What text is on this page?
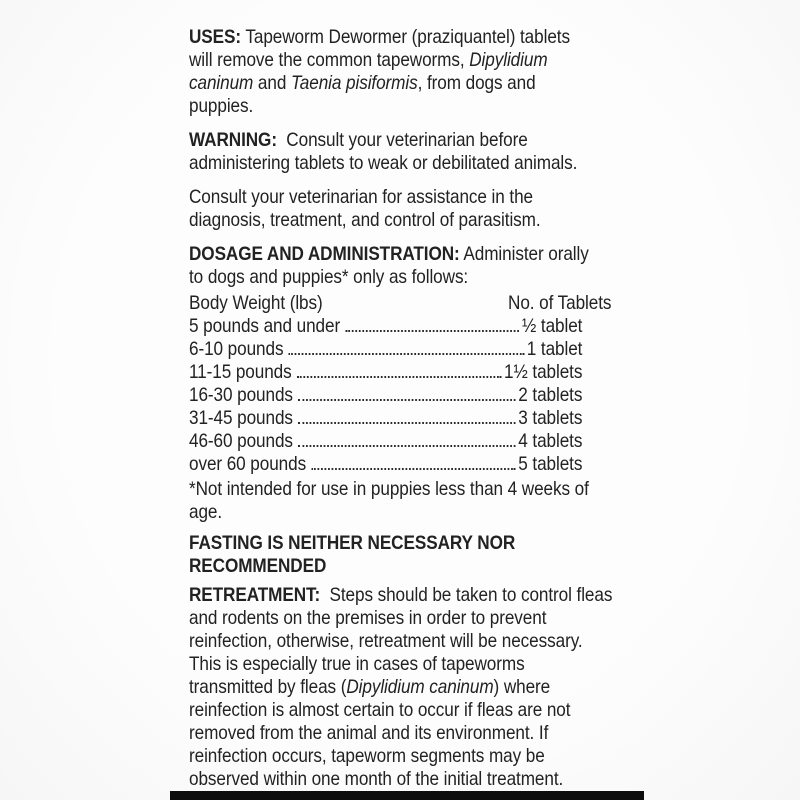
USES: Tapeworm Dewormer (praziquantel) tablets
will remove the common tapeworms, Dipylidium
caninum and Taenia pisiformis, from dogs and
puppies.
WARNING:  Consult your veterinarian before
administering tablets to weak or debilitated animals.
Consult your veterinarian for assistance in the
diagnosis, treatment, and control of parasitism.
DOSAGE AND ADMINISTRATION: Administer orally
to dogs and puppies* only as follows:
Body Weight (lbs)	No. of Tablets
5 pounds and under	½ tablet
6-10 pounds	1 tablet
11-15 pounds	1½ tablets
16-30 pounds	2 tablets
31-45 pounds	3 tablets
46-60 pounds	4 tablets
over 60 pounds	5 tablets
*Not intended for use in puppies less than 4 weeks of
age.
FASTING IS NEITHER NECESSARY NOR
RECOMMENDED
RETREATMENT:  Steps should be taken to control fleas
and rodents on the premises in order to prevent
reinfection, otherwise, retreatment will be necessary.
This is especially true in cases of tapeworms
transmitted by fleas (Dipylidium caninum) where
reinfection is almost certain to occur if fleas are not
removed from the animal and its environment. If
reinfection occurs, tapeworm segments may be
observed within one month of the initial treatment.
